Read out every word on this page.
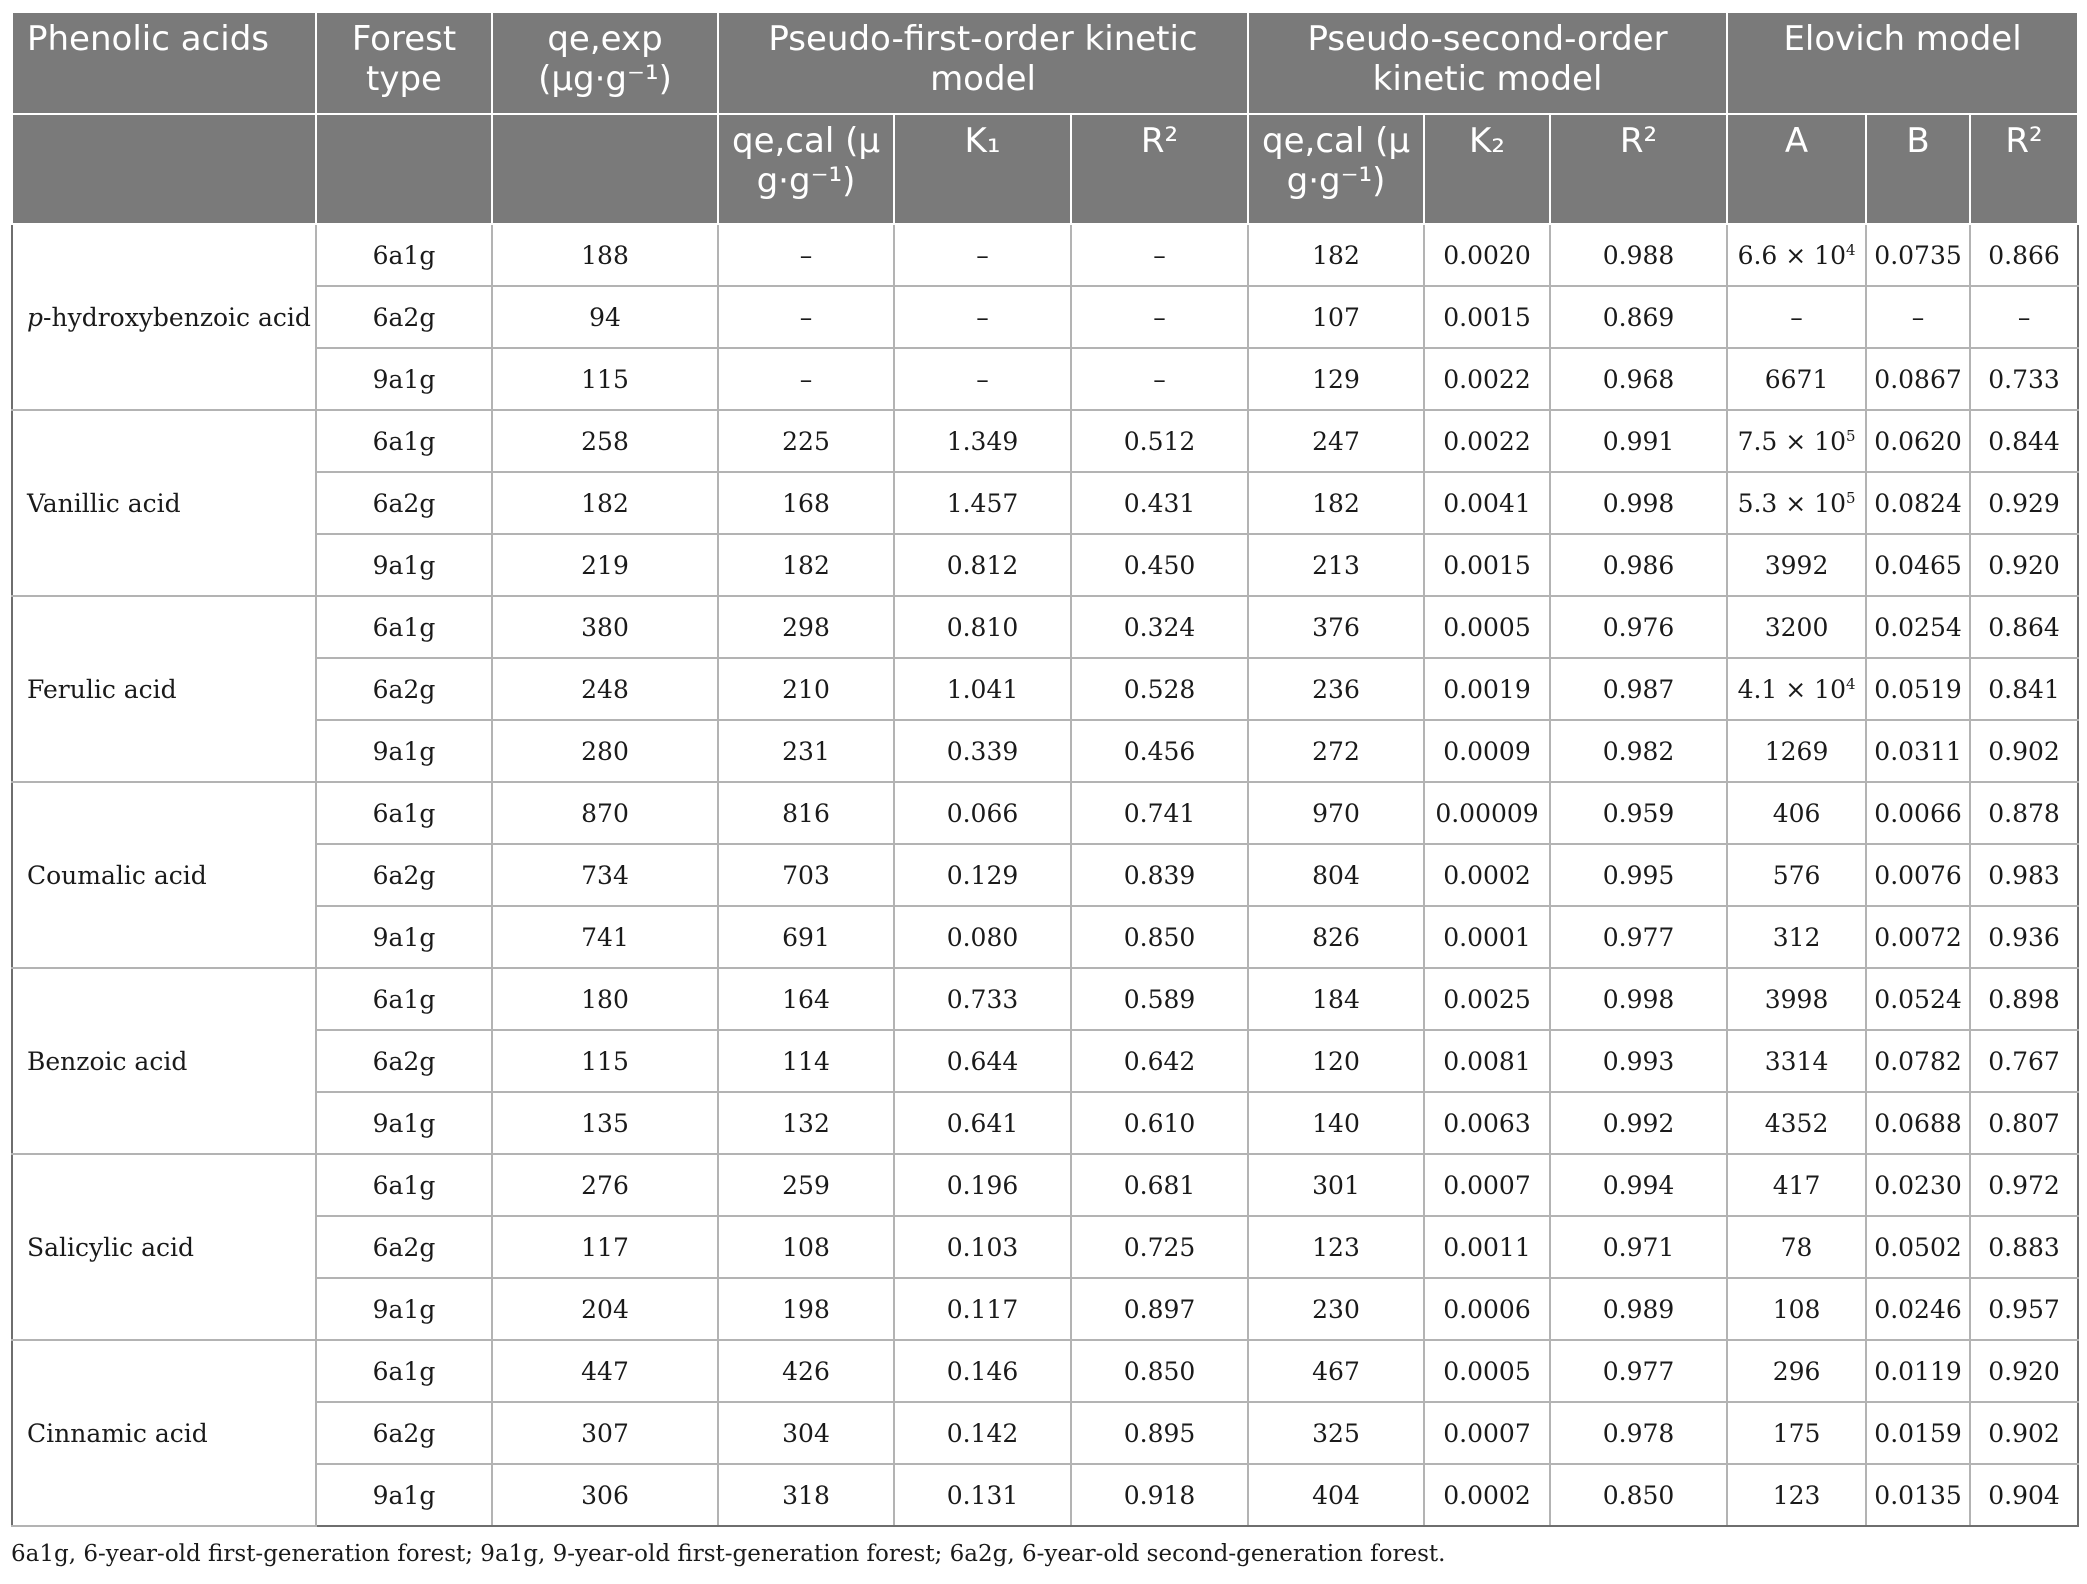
Phenolic acids	Forest type	qe,exp (μg·g⁻¹)	Pseudo-first-order kinetic model			Pseudo-second-order kinetic model			Elovich model		
			qe,cal (μ g·g⁻¹)	K₁	R²	qe,cal (μ g·g⁻¹)	K₂	R²	A	B	R²
p-hydroxybenzoic acid	6a1g	188	–	–	–	182	0.0020	0.988	$6.6 \times 10^4$	0.0735	0.866
	6a2g	94	–	–	–	107	0.0015	0.869	–	–	–
	9a1g	115	–	–	–	129	0.0022	0.968	6671	0.0867	0.733
Vanillic acid	6a1g	258	225	1.349	0.512	247	0.0022	0.991	$7.5 \times 10^5$	0.0620	0.844
	6a2g	182	168	1.457	0.431	182	0.0041	0.998	$5.3 \times 10^5$	0.0824	0.929
	9a1g	219	182	0.812	0.450	213	0.0015	0.986	3992	0.0465	0.920
Ferulic acid	6a1g	380	298	0.810	0.324	376	0.0005	0.976	3200	0.0254	0.864
	6a2g	248	210	1.041	0.528	236	0.0019	0.987	$4.1 \times 10^4$	0.0519	0.841
	9a1g	280	231	0.339	0.456	272	0.0009	0.982	1269	0.0311	0.902
Coumalic acid	6a1g	870	816	0.066	0.741	970	0.00009	0.959	406	0.0066	0.878
	6a2g	734	703	0.129	0.839	804	0.0002	0.995	576	0.0076	0.983
	9a1g	741	691	0.080	0.850	826	0.0001	0.977	312	0.0072	0.936
Benzoic acid	6a1g	180	164	0.733	0.589	184	0.0025	0.998	3998	0.0524	0.898
	6a2g	115	114	0.644	0.642	120	0.0081	0.993	3314	0.0782	0.767
	9a1g	135	132	0.641	0.610	140	0.0063	0.992	4352	0.0688	0.807
Salicylic acid	6a1g	276	259	0.196	0.681	301	0.0007	0.994	417	0.0230	0.972
	6a2g	117	108	0.103	0.725	123	0.0011	0.971	78	0.0502	0.883
	9a1g	204	198	0.117	0.897	230	0.0006	0.989	108	0.0246	0.957
Cinnamic acid	6a1g	447	426	0.146	0.850	467	0.0005	0.977	296	0.0119	0.920
	6a2g	307	304	0.142	0.895	325	0.0007	0.978	175	0.0159	0.902
	9a1g	306	318	0.131	0.918	404	0.0002	0.850	123	0.0135	0.904
6a1g, 6-year-old first-generation forest; 9a1g, 9-year-old first-generation forest; 6a2g, 6-year-old second-generation forest.
